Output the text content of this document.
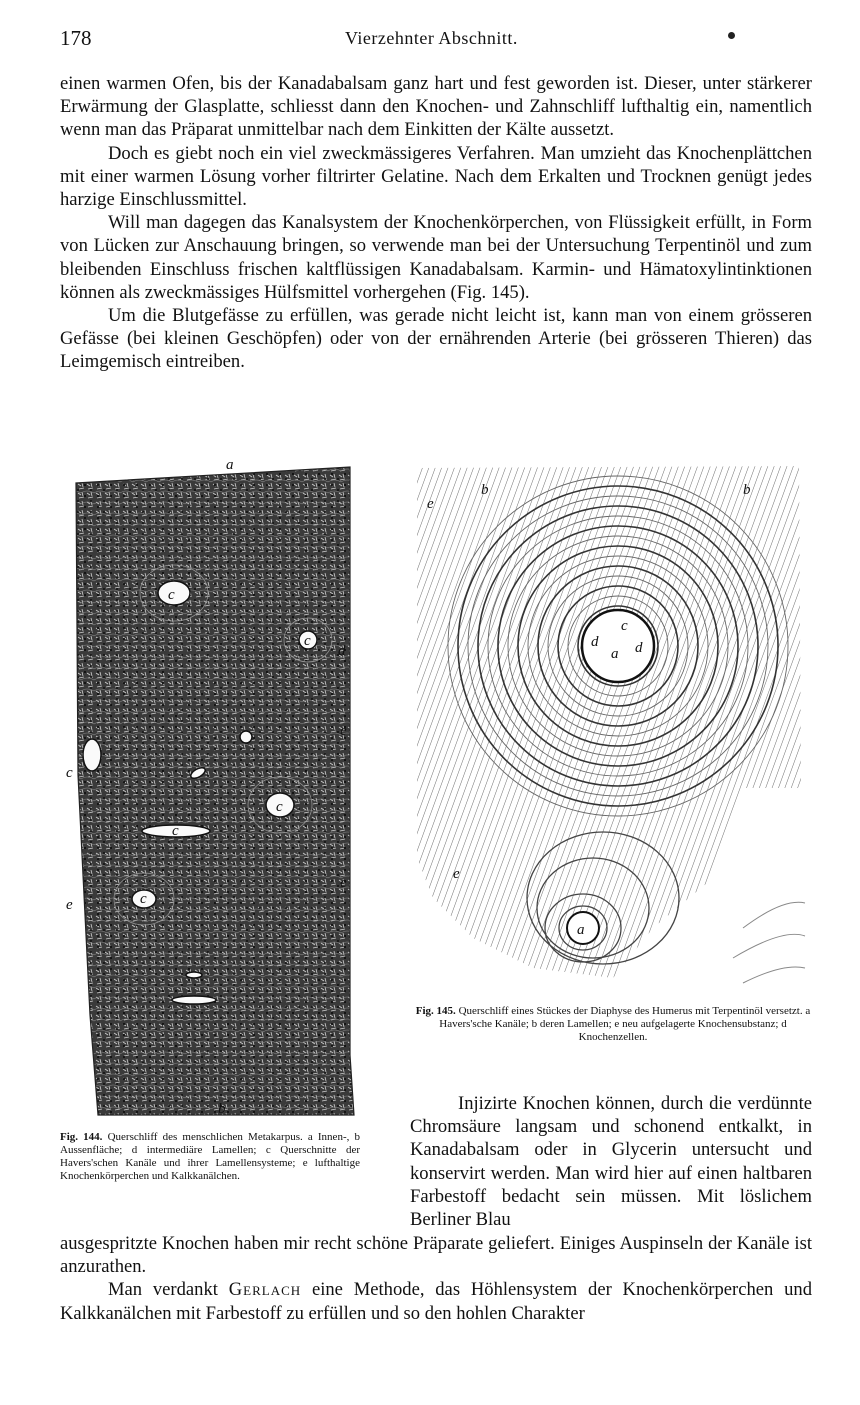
178	Vierzehnter Abschnitt.

einen warmen Ofen, bis der Kanadabalsam ganz hart und fest geworden ist. Dieser, unter stärkerer Erwärmung der Glasplatte, schliesst dann den Knochen- und Zahnschliff lufthaltig ein, namentlich wenn man das Präparat unmittelbar nach dem Einkitten der Kälte aussetzt.

Doch es giebt noch ein viel zweckmässigeres Verfahren. Man umzieht das Knochenplättchen mit einer warmen Lösung vorher filtrirter Gelatine. Nach dem Erkalten und Trocknen genügt jedes harzige Einschlussmittel.

Will man dagegen das Kanalsystem der Knochenkörperchen, von Flüssigkeit erfüllt, in Form von Lücken zur Anschauung bringen, so verwende man bei der Untersuchung Terpentinöl und zum bleibenden Einschluss frischen kaltflüssigen Kanadabalsam. Karmin- und Hämatoxylintinktionen können als zweckmässiges Hülfsmittel vorhergehen (Fig. 145).

Um die Blutgefässe zu erfüllen, was gerade nicht leicht ist, kann man von einem grösseren Gefässe (bei kleinen Geschöpfen) oder von der ernährenden Arterie (bei grösseren Thieren) das Leimgemisch eintreiben.

a
c
c
d
e
c
c
c
e
e	c
b
a
c
d d
b	b
e
e
a
Fig. 145. Querschliff eines Stückes der Diaphyse des Humerus mit Terpentinöl versetzt. a Havers'sche Kanäle; b deren Lamellen; e neu aufgelagerte Knochensubstanz; d Knochenzellen.
Fig. 144. Querschliff des menschlichen Metakarpus. a Innen-, b Aussenfläche; d intermediäre Lamellen; c Querschnitte der Havers'schen Kanäle und ihrer Lamellensysteme; e lufthaltige Knochenkörperchen und Kalkkanälchen.

Injizirte Knochen können, durch die verdünnte Chromsäure langsam und schonend entkalkt, in Kanadabalsam oder in Glycerin untersucht und konservirt werden. Man wird hier auf einen haltbaren Farbestoff bedacht sein müssen. Mit löslichem Berliner Blau

ausgespritzte Knochen haben mir recht schöne Präparate geliefert. Einiges Auspinseln der Kanäle ist anzurathen.

Man verdankt Gerlach eine Methode, das Höhlensystem der Knochenkörperchen und Kalkkanälchen mit Farbestoff zu erfüllen und so den hohlen Charakter
